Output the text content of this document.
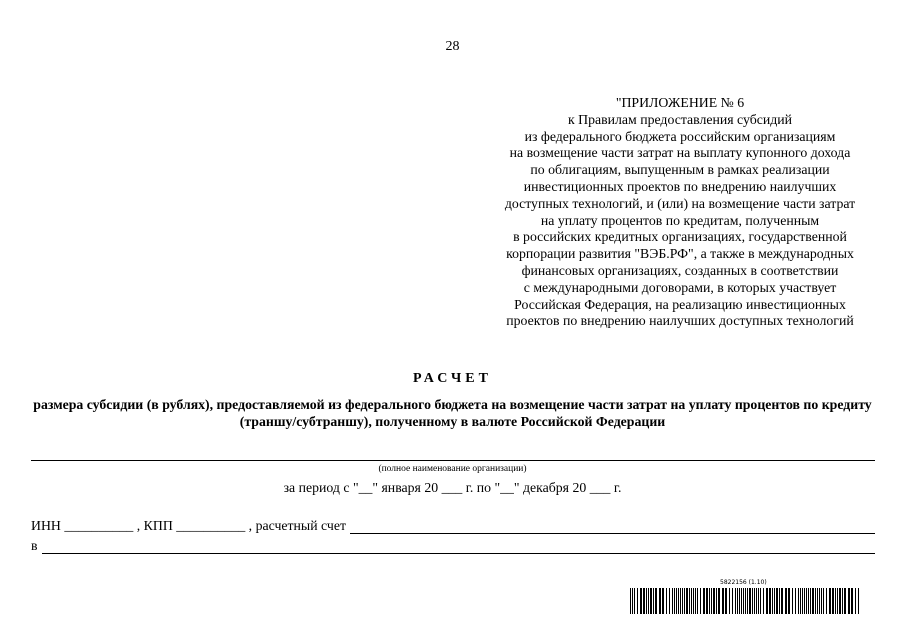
28
"ПРИЛОЖЕНИЕ № 6
к Правилам предоставления субсидий
из федерального бюджета российским организациям
на возмещение части затрат на выплату купонного дохода
по облигациям, выпущенным в рамках реализации
инвестиционных проектов по внедрению наилучших
доступных технологий, и (или) на возмещение части затрат
на уплату процентов по кредитам, полученным
в российских кредитных организациях, государственной
корпорации развития "ВЭБ.РФ", а также в международных
финансовых организациях, созданных в соответствии
с международными договорами, в которых участвует
Российская Федерация, на реализацию инвестиционных
проектов по внедрению наилучших доступных технологий
РАСЧЕТ
размера субсидии (в рублях), предоставляемой из федерального бюджета на возмещение части затрат на уплату процентов по кредиту (траншу/субтраншу), полученному в валюте Российской Федерации
(полное наименование организации)
за период с "__" января 20 ___ г. по "__" декабря 20 ___ г.
ИНН __________ , КПП __________ , расчетный счет
в
5822156 (1.10)
